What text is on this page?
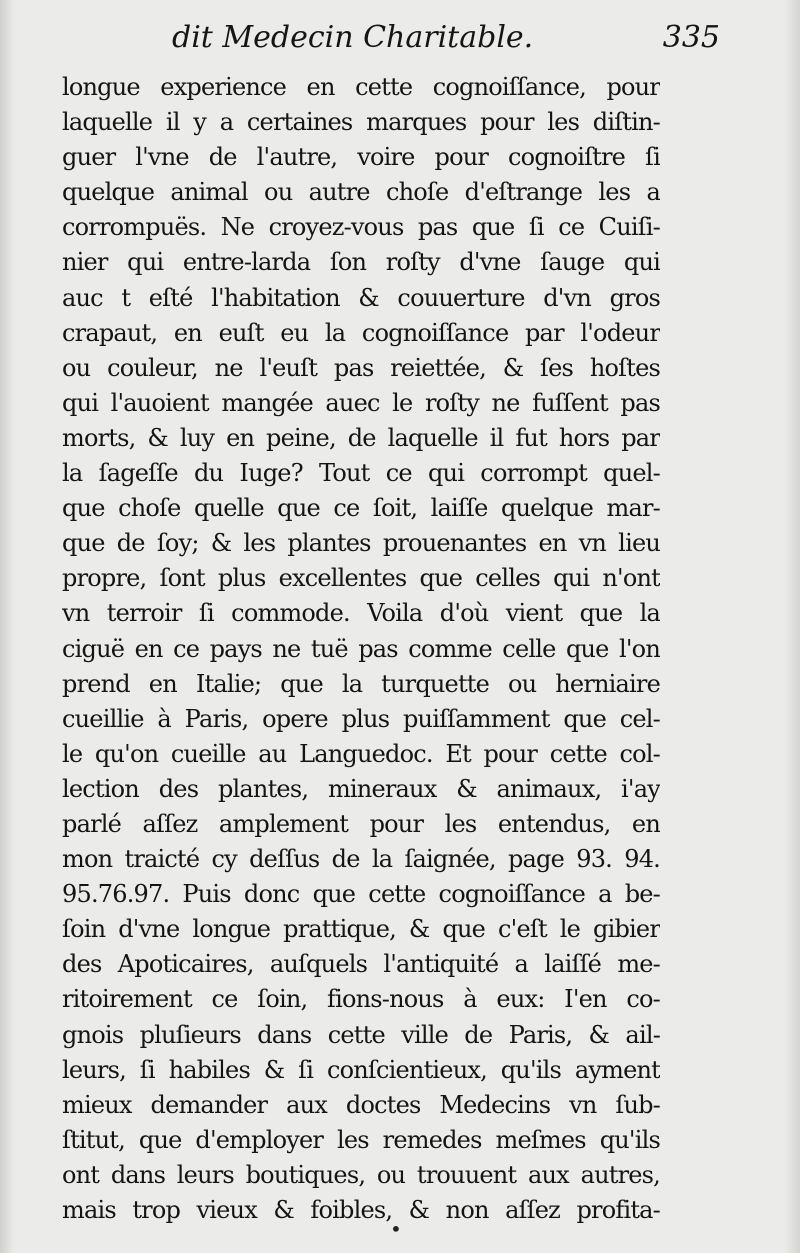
dit Medecin Charitable.	335
longue experience en cette cognoiſſance, pour
laquelle il y a certaines marques pour les diſtin-
guer l'vne de l'autre, voire pour cognoiſtre ſi
quelque animal ou autre choſe d'eſtrange les a
corrompuës. Ne croyez-vous pas que ſi ce Cuiſi-
nier qui entre-larda ſon roſty d'vne ſauge qui
auc t eſté l'habitation & couuerture d'vn gros
crapaut, en euſt eu la cognoiſſance par l'odeur
ou couleur, ne l'euſt pas reiettée, & ſes hoſtes
qui l'auoient mangée auec le roſty ne fuſſent pas
morts, & luy en peine, de laquelle il fut hors par
la ſageſſe du Iuge? Tout ce qui corrompt quel-
que choſe quelle que ce ſoit, laiſſe quelque mar-
que de ſoy; & les plantes prouenantes en vn lieu
propre, ſont plus excellentes que celles qui n'ont
vn terroir ſi commode. Voila d'où vient que la
ciguë en ce pays ne tuë pas comme celle que l'on
prend en Italie; que la turquette ou herniaire
cueillie à Paris, opere plus puiſſamment que cel-
le qu'on cueille au Languedoc. Et pour cette col-
lection des plantes, mineraux & animaux, i'ay
parlé aſſez amplement pour les entendus, en
mon traicté cy deſſus de la ſaignée, page 93. 94.
95.76.97. Puis donc que cette cognoiſſance a be-
ſoin d'vne longue prattique, & que c'eſt le gibier
des Apoticaires, auſquels l'antiquité a laiſſé me-
ritoirement ce ſoin, fions-nous à eux: I'en co-
gnois pluſieurs dans cette ville de Paris, & ail-
leurs, ſi habiles & ſi conſcientieux, qu'ils ayment
mieux demander aux doctes Medecins vn ſub-
ſtitut, que d'employer les remedes meſmes qu'ils
ont dans leurs boutiques, ou trouuent aux autres,
mais trop vieux & foibles, & non aſſez profita-
•
